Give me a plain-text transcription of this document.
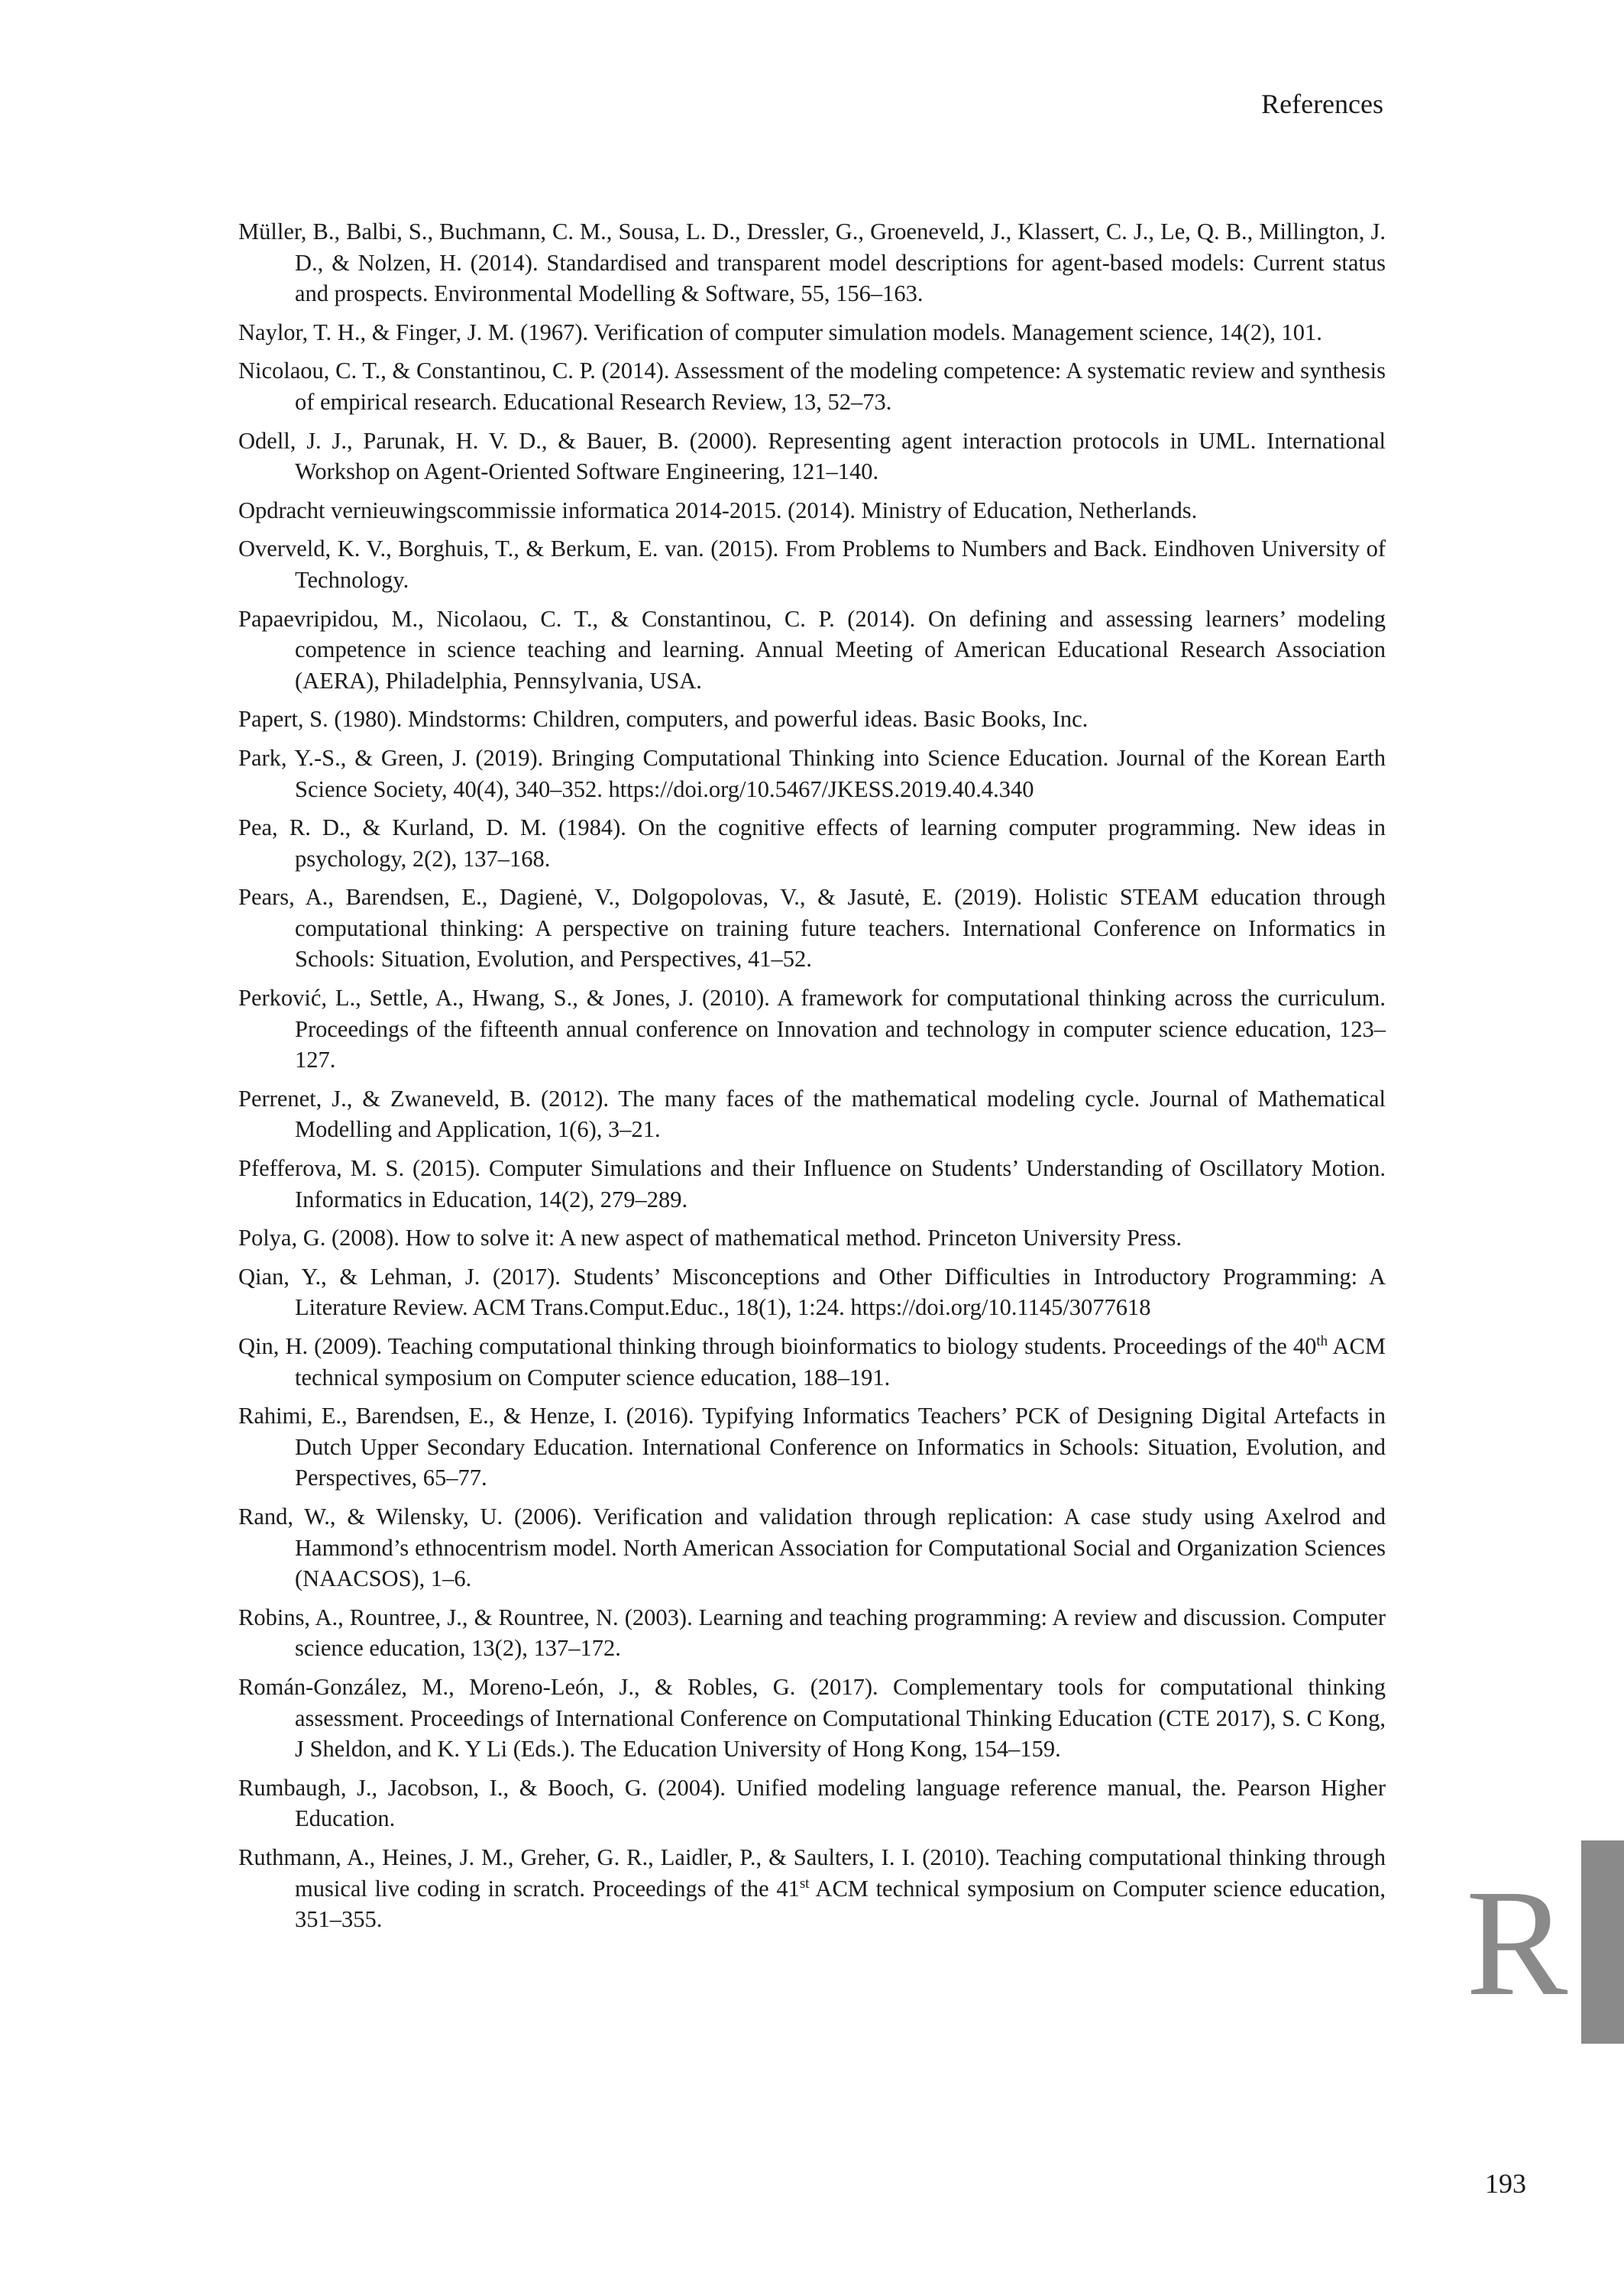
References

Müller, B., Balbi, S., Buchmann, C. M., Sousa, L. D., Dressler, G., Groeneveld, J., Klassert, C. J., Le, Q. B., Millington, J. D., & Nolzen, H. (2014). Standardised and transparent model descriptions for agent-based models: Current status and prospects. Environmental Modelling & Software, 55, 156–163.

Naylor, T. H., & Finger, J. M. (1967). Verification of computer simulation models. Management science, 14(2), 101.

Nicolaou, C. T., & Constantinou, C. P. (2014). Assessment of the modeling competence: A systematic review and synthesis of empirical research. Educational Research Review, 13, 52–73.

Odell, J. J., Parunak, H. V. D., & Bauer, B. (2000). Representing agent interaction protocols in UML. International Workshop on Agent-Oriented Software Engineering, 121–140.

Opdracht vernieuwingscommissie informatica 2014-2015. (2014). Ministry of Education, Netherlands.

Overveld, K. V., Borghuis, T., & Berkum, E. van. (2015). From Problems to Numbers and Back. Eindhoven University of Technology.

Papaevripidou, M., Nicolaou, C. T., & Constantinou, C. P. (2014). On defining and assessing learners’ modeling competence in science teaching and learning. Annual Meeting of American Educational Research Association (AERA), Philadelphia, Pennsylvania, USA.

Papert, S. (1980). Mindstorms: Children, computers, and powerful ideas. Basic Books, Inc.

Park, Y.-S., & Green, J. (2019). Bringing Computational Thinking into Science Education. Journal of the Korean Earth Science Society, 40(4), 340–352. https://doi.org/10.5467/JKESS.2019.40.4.340

Pea, R. D., & Kurland, D. M. (1984). On the cognitive effects of learning computer programming. New ideas in psychology, 2(2), 137–168.

Pears, A., Barendsen, E., Dagienė, V., Dolgopolovas, V., & Jasutė, E. (2019). Holistic STEAM education through computational thinking: A perspective on training future teachers. International Conference on Informatics in Schools: Situation, Evolution, and Perspectives, 41–52.

Perković, L., Settle, A., Hwang, S., & Jones, J. (2010). A framework for computational thinking across the curriculum. Proceedings of the fifteenth annual conference on Innovation and technology in computer science education, 123–127.

Perrenet, J., & Zwaneveld, B. (2012). The many faces of the mathematical modeling cycle. Journal of Mathematical Modelling and Application, 1(6), 3–21.

Pfefferova, M. S. (2015). Computer Simulations and their Influence on Students’ Understanding of Oscillatory Motion. Informatics in Education, 14(2), 279–289.

Polya, G. (2008). How to solve it: A new aspect of mathematical method. Princeton University Press.

Qian, Y., & Lehman, J. (2017). Students’ Misconceptions and Other Difficulties in Introductory Programming: A Literature Review. ACM Trans.Comput.Educ., 18(1), 1:24. https://doi.org/10.1145/3077618

Qin, H. (2009). Teaching computational thinking through bioinformatics to biology students. Proceedings of the 40th ACM technical symposium on Computer science education, 188–191.

Rahimi, E., Barendsen, E., & Henze, I. (2016). Typifying Informatics Teachers’ PCK of Designing Digital Artefacts in Dutch Upper Secondary Education. International Conference on Informatics in Schools: Situation, Evolution, and Perspectives, 65–77.

Rand, W., & Wilensky, U. (2006). Verification and validation through replication: A case study using Axelrod and Hammond’s ethnocentrism model. North American Association for Computational Social and Organization Sciences (NAACSOS), 1–6.

Robins, A., Rountree, J., & Rountree, N. (2003). Learning and teaching programming: A review and discussion. Computer science education, 13(2), 137–172.

Román-González, M., Moreno-León, J., & Robles, G. (2017). Complementary tools for computational thinking assessment. Proceedings of International Conference on Computational Thinking Education (CTE 2017), S. C Kong, J Sheldon, and K. Y Li (Eds.). The Education University of Hong Kong, 154–159.

Rumbaugh, J., Jacobson, I., & Booch, G. (2004). Unified modeling language reference manual, the. Pearson Higher Education.

Ruthmann, A., Heines, J. M., Greher, G. R., Laidler, P., & Saulters, I. I. (2010). Teaching computational thinking through musical live coding in scratch. Proceedings of the 41st ACM technical symposium on Computer science education, 351–355.	R
193
